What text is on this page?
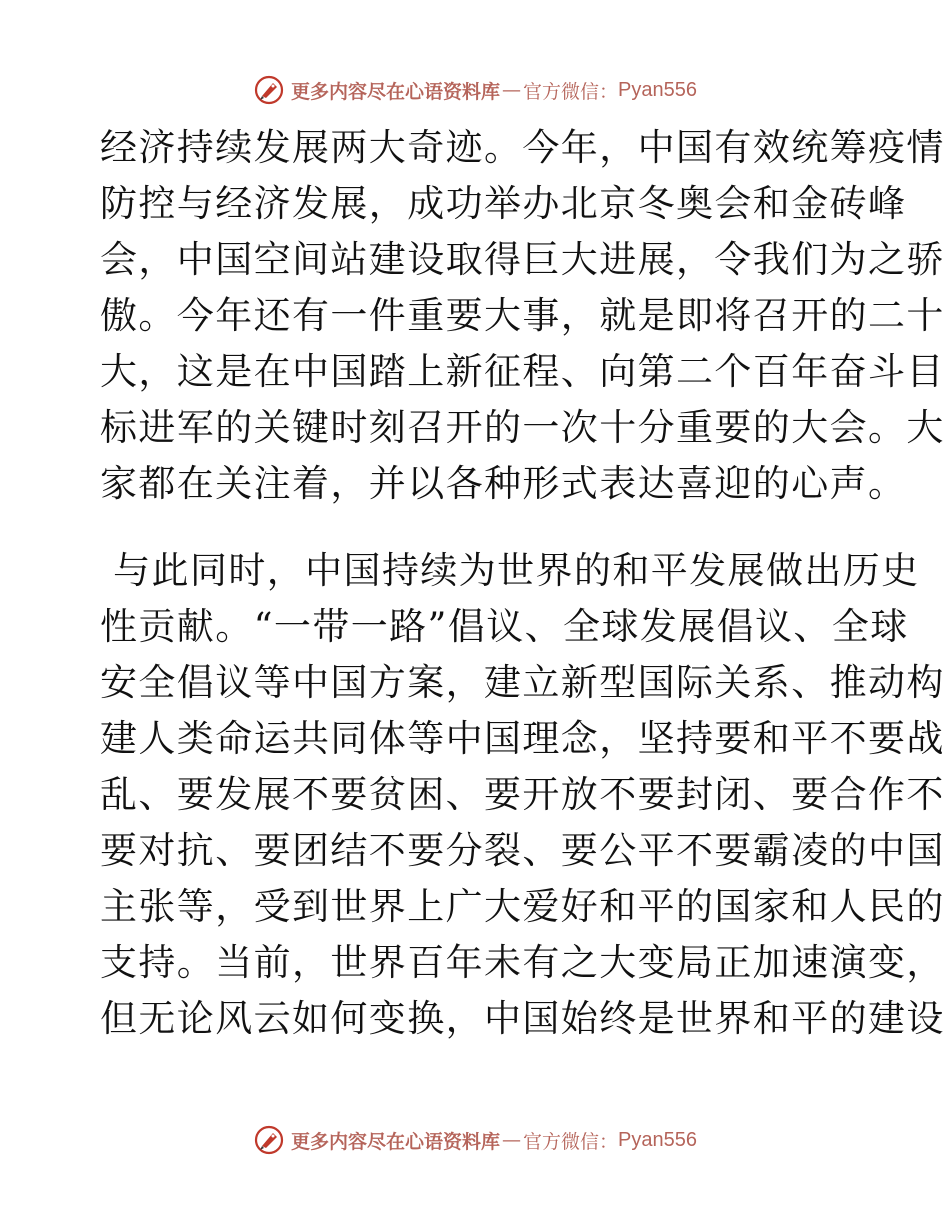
更多内容尽在心语资料库 — 官方微信： Pyan556
经济持续发展两大奇迹。今年，中国有效统筹疫情
防控与经济发展，成功举办北京冬奥会和金砖峰
会，中国空间站建设取得巨大进展，令我们为之骄
傲。今年还有一件重要大事，就是即将召开的二十
大，这是在中国踏上新征程、向第二个百年奋斗目
标进军的关键时刻召开的一次十分重要的大会。大
家都在关注着，并以各种形式表达喜迎的心声。
与此同时，中国持续为世界的和平发展做出历史
性贡献。“一带一路”倡议、全球发展倡议、全球
安全倡议等中国方案，建立新型国际关系、推动构
建人类命运共同体等中国理念，坚持要和平不要战
乱、要发展不要贫困、要开放不要封闭、要合作不
要对抗、要团结不要分裂、要公平不要霸凌的中国
主张等，受到世界上广大爱好和平的国家和人民的
支持。当前，世界百年未有之大变局正加速演变，
但无论风云如何变换，中国始终是世界和平的建设
更多内容尽在心语资料库 — 官方微信： Pyan556
